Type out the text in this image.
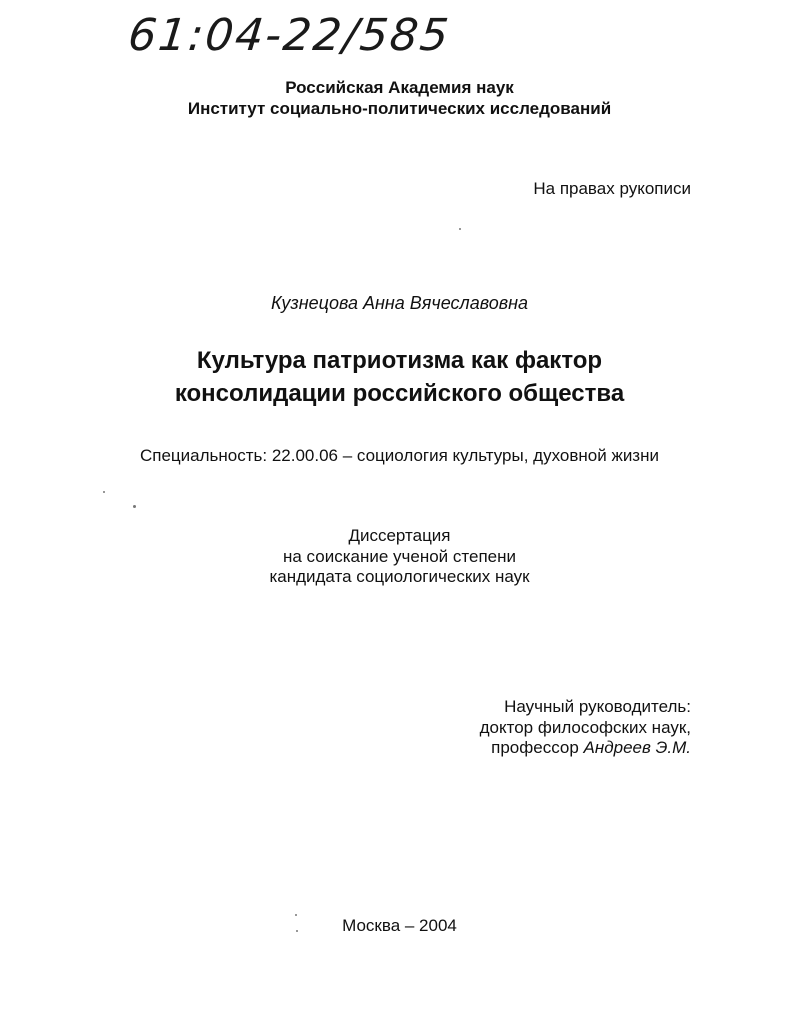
61:04-22/585
Российская Академия наук
Институт социально-политических исследований
На правах рукописи
Кузнецова Анна Вячеславовна
Культура патриотизма как фактор
консолидации российского общества
Специальность: 22.00.06 – социология культуры, духовной жизни
Диссертация
на соискание ученой степени
кандидата социологических наук
Научный руководитель:
доктор философских наук,
профессор Андреев Э.М.
Москва – 2004
